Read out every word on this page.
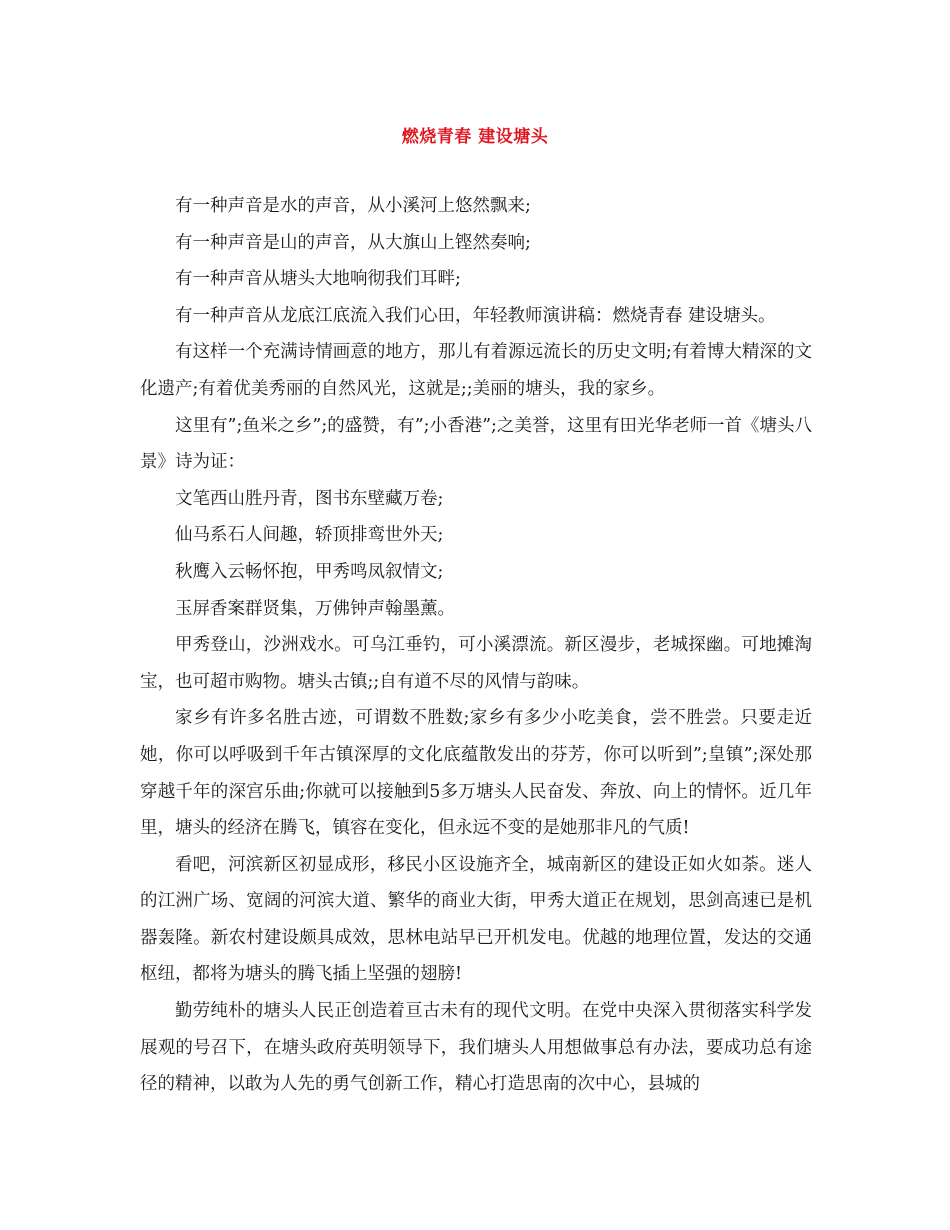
燃烧青春 建设塘头

有一种声音是水的声音，从小溪河上悠然飘来;

有一种声音是山的声音，从大旗山上铿然奏响;

有一种声音从塘头大地响彻我们耳畔;

有一种声音从龙底江底流入我们心田，年轻教师演讲稿：燃烧青春 建设塘头。

有这样一个充满诗情画意的地方，那儿有着源远流长的历史文明;有着博大精深的文化遗产;有着优美秀丽的自然风光，这就是;;美丽的塘头，我的家乡。

这里有”;鱼米之乡”;的盛赞，有”;小香港”;之美誉，这里有田光华老师一首《塘头八景》诗为证：

文笔西山胜丹青，图书东壁藏万卷;

仙马系石人间趣，轿顶排鸾世外天;

秋鹰入云畅怀抱，甲秀鸣凤叙情文;

玉屏香案群贤集，万佛钟声翰墨薰。

甲秀登山，沙洲戏水。可乌江垂钓，可小溪漂流。新区漫步，老城探幽。可地摊淘宝，也可超市购物。塘头古镇;;自有道不尽的风情与韵味。

家乡有许多名胜古迹，可谓数不胜数;家乡有多少小吃美食，尝不胜尝。只要走近她，你可以呼吸到千年古镇深厚的文化底蕴散发出的芬芳，你可以听到”;皇镇”;深处那穿越千年的深宫乐曲;你就可以接触到5多万塘头人民奋发、奔放、向上的情怀。近几年里，塘头的经济在腾飞，镇容在变化，但永远不变的是她那非凡的气质!

看吧，河滨新区初显成形，移民小区设施齐全，城南新区的建设正如火如荼。迷人的江洲广场、宽阔的河滨大道、繁华的商业大街，甲秀大道正在规划，思剑高速已是机器轰隆。新农村建设颇具成效，思林电站早已开机发电。优越的地理位置，发达的交通枢纽，都将为塘头的腾飞插上坚强的翅膀!

勤劳纯朴的塘头人民正创造着亘古未有的现代文明。在党中央深入贯彻落实科学发展观的号召下，在塘头政府英明领导下，我们塘头人用想做事总有办法，要成功总有途径的精神，以敢为人先的勇气创新工作，精心打造思南的次中心，县城的
